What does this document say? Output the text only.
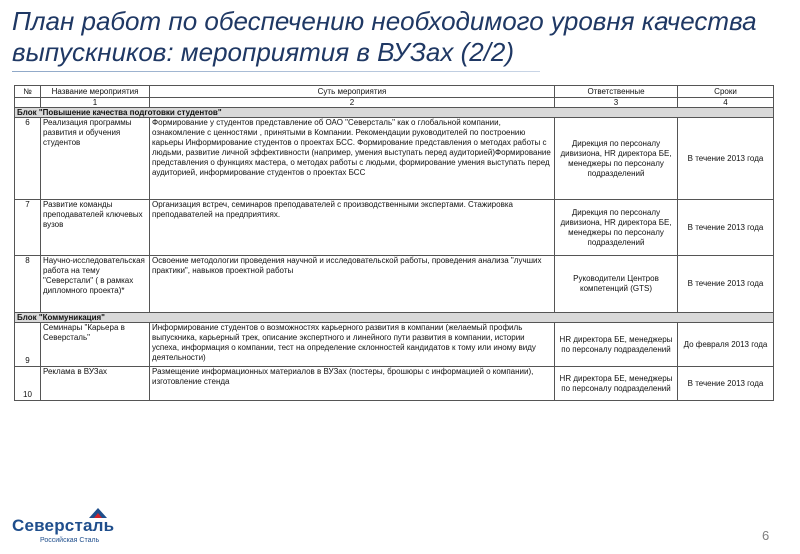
План работ по обеспечению необходимого уровня качества выпускников: мероприятия в ВУЗах (2/2)
№	Название мероприятия	Суть мероприятия	Ответственные	Сроки
	1	2	3	4
Блок "Повышение качества подготовки студентов"				
6	Реализация программы развития и обучения студентов	Формирование у студентов представление об ОАО "Северсталь" как о глобальной компании, ознакомление с ценностями , принятыми в Компании. Рекомендации руководителей по построению карьеры Информирование студентов о проектах БСС. Формирование представления о методах работы с людьми, развитие личной эффективности (например, умения выступать перед аудиторией)Формирование представления о функциях мастера, о методах работы с людьми, формирование умения выступать перед аудиторией, информирование студентов о проектах БСС	Дирекция по персоналу дивизиона, HR директора БЕ, менеджеры по персоналу подразделений	В течение 2013 года
7	Развитие команды преподавателей ключевых вузов	Организация встреч, семинаров преподавателей с производственными экспертами. Стажировка преподавателей на предприятиях.	Дирекция по персоналу дивизиона, HR директора БЕ, менеджеры по персоналу подразделений	В течение 2013 года
8	Научно-исследовательская работа на тему "Северстали" ( в рамках дипломного проекта)*	Освоение методологии проведения научной и исследовательской работы, проведения анализа "лучших практики", навыков проектной работы	Руководители Центров компетенций (GTS)	В течение 2013 года
Блок "Коммуникация"				
9	Семинары "Карьера в Северсталь"	Информирование студентов о возможностях карьерного развития в компании (желаемый профиль выпускника, карьерный трек, описание экспертного и линейного пути развития в компании, истории успеха, информация о компании, тест на определение склонностей кандидатов к тому или иному виду деятельности)	HR директора БЕ, менеджеры по персоналу подразделений	До февраля 2013 года
10	Реклама в ВУЗах	Размещение информационных материалов в ВУЗах (постеры, брошюры с информацией о компании), изготовление стенда	HR директора БЕ, менеджеры по персоналу подразделений	В течение 2013 года
Северсталь
Российская Сталь	6
